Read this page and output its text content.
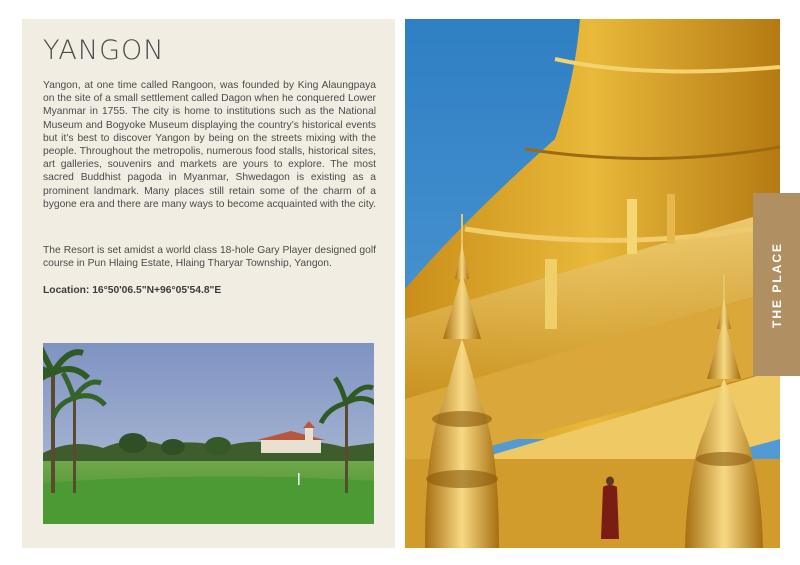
YANGON

Yangon, at one time called Rangoon, was founded by King Alaungpaya on the site of a small settlement called Dagon when he conquered Lower Myanmar in 1755. The city is home to institutions such as the National Museum and Bogyoke Museum displaying the country’s historical events but it’s best to discover Yangon by being on the streets mixing with the people. Throughout the metropolis, numerous food stalls, historical sites, art galleries, souvenirs and markets are yours to explore. The most sacred Buddhist pagoda in Myanmar, Shwedagon is existing as a prominent landmark. Many places still retain some of the charm of a bygone era and there are many ways to become acquainted with the city.

The Resort is set amidst a world class 18-hole Gary Player designed golf course in Pun Hlaing Estate, Hlaing Tharyar Township, Yangon.

Location: 16°50'06.5"N+96°05'54.8"E	THE PLACE
